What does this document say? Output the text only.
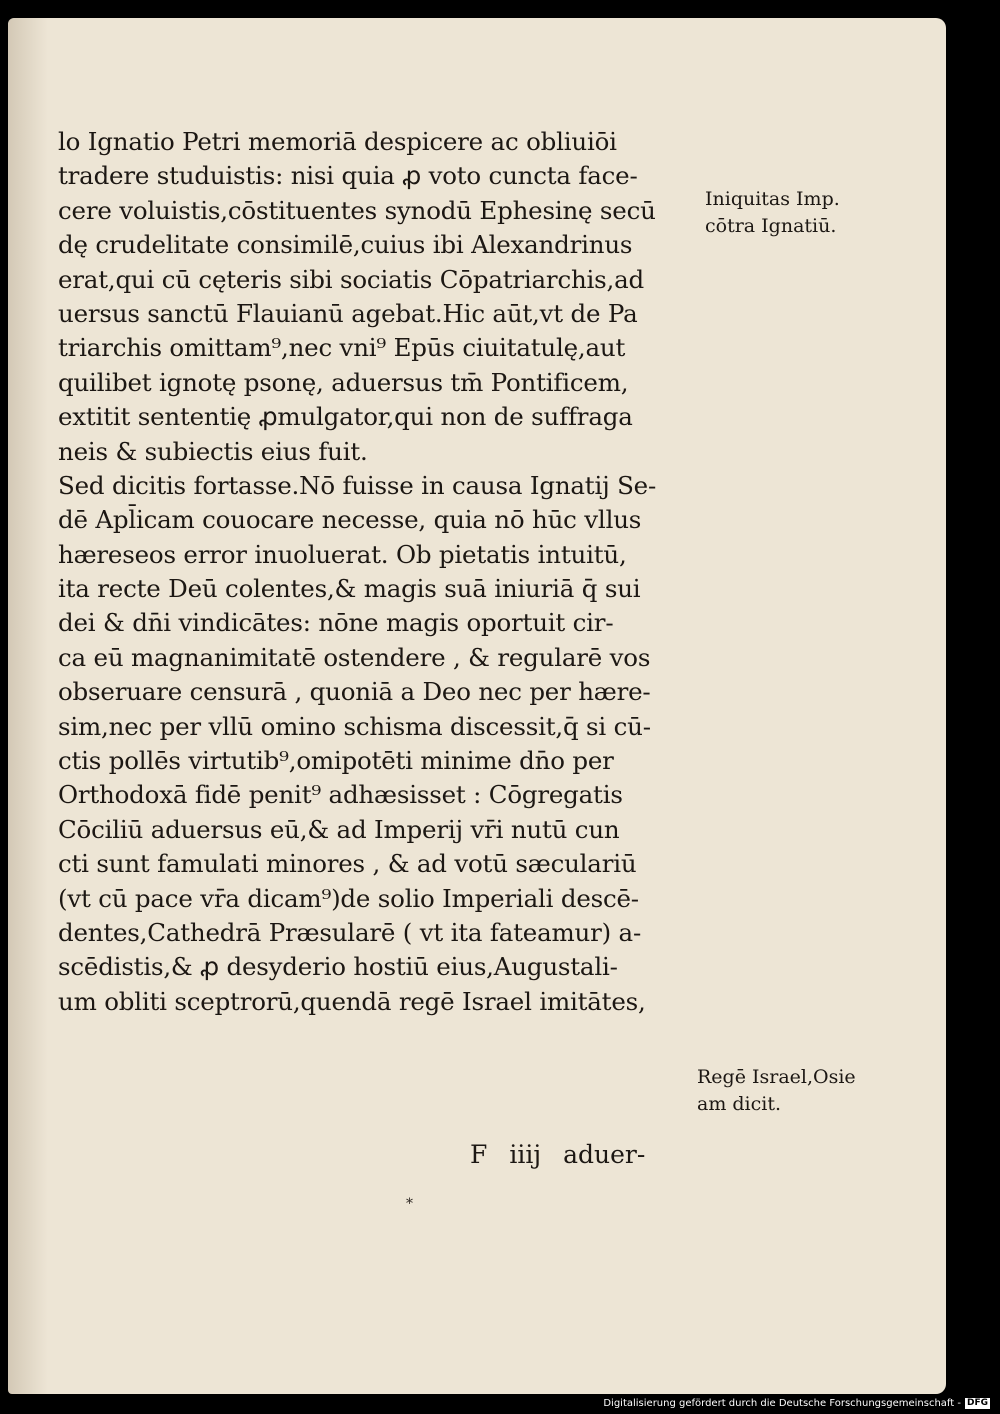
lo Ignatio Petri memoriā despicere ac obliuiōi
tradere studuistis: nisi quia ꝓ voto cuncta face-
cere voluistis,cōstituentes synodū Ephesinę secū
dę crudelitate consimilē,cuius ibi Alexandrinus
erat,qui cū cęteris sibi sociatis Cōpatriarchis,ad
uersus sanctū Flauianū agebat.Hic aūt,vt de Pa
triarchis omittam⁹,nec vni⁹ Epūs ciuitatulę,aut
quilibet ignotę psonę, aduersus tm̄ Pontificem,
extitit sententię ꝓmulgator,qui non de suffraga
neis & subiectis eius fuit.
Sed dicitis fortasse.Nō fuisse in causa Ignatij Se-
dē Apl̄icam couocare necesse, quia nō hūc vllus
hæreseos error inuoluerat. Ob pietatis intuitū,
ita recte Deū colentes,& magis suā iniuriā q̄ sui
dei & dn̄i vindicātes: nōne magis oportuit cir-
ca eū magnanimitatē ostendere , & regularē vos
obseruare censurā , quoniā a Deo nec per hære-
sim,nec per vllū omino schisma discessit,q̄ si cū-
ctis pollēs virtutib⁹,omipotēti minime dn̄o per
Orthodoxā fidē penit⁹ adhæsisset : Cōgregatis
Cōciliū aduersus eū,& ad Imperij vr̄i nutū cun
cti sunt famulati minores , & ad votū sæculariū
(vt cū pace vr̄a dicam⁹)de solio Imperiali descē-
dentes,Cathedrā Præsularē ( vt ita fateamur) a-
scēdistis,& ꝓ desyderio hostiū eius,Augustali-
um obliti sceptrorū,quendā regē Israel imitātes,
Iniquitas Imp.
cōtra Ignatiū.
Regē Israel,Osie
am dicit.
F iiij aduer-
*
Digitalisierung gefördert durch die Deutsche Forschungsgemeinschaft - DFG
